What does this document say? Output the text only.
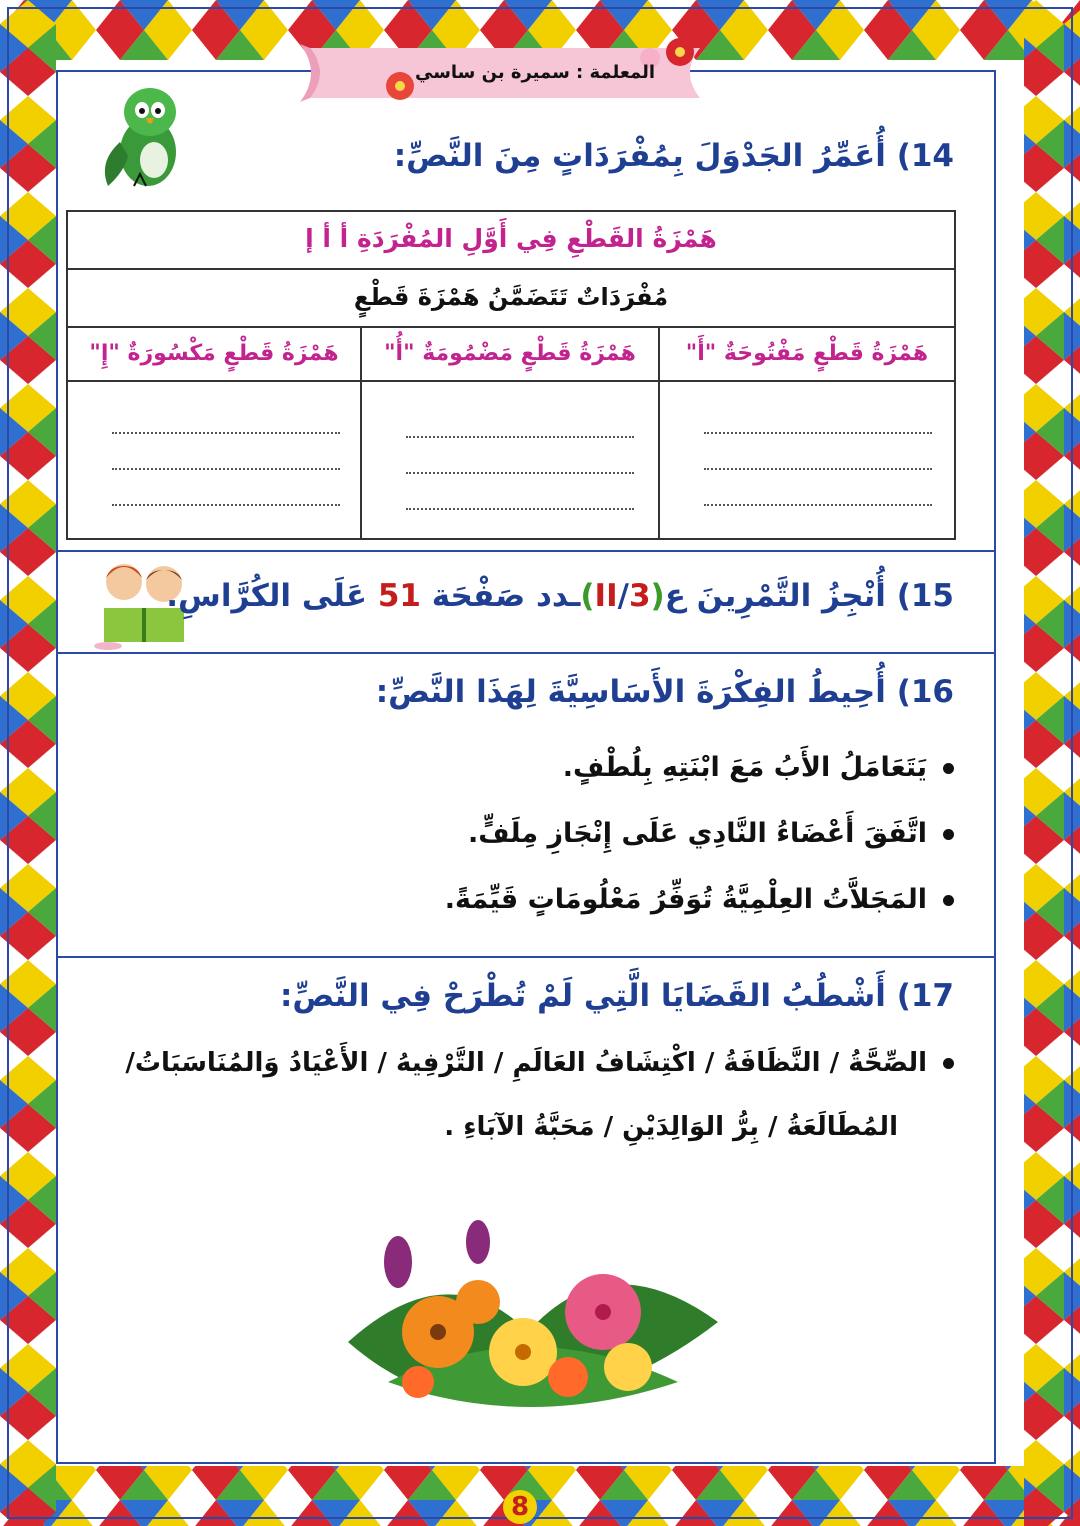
14) أُعَمِّرُ الجَدْوَلَ بِمُفْرَدَاتٍ مِنَ النَّصِّ:
هَمْزَةُ القَطْعِ فِي أَوَّلِ المُفْرَدَةِ أ أ إ
مُفْرَدَاتٌ تَتَضَمَّنُ هَمْزَةَ قَطْعٍ
هَمْزَةُ قَطْعٍ مَفْتُوحَةٌ "أَ"
هَمْزَةُ قَطْعٍ مَضْمُومَةٌ "أُ"
هَمْزَةُ قَطْعٍ مَكْسُورَةٌ "إِ"
15) أُنْجِزُ التَّمْرِينَ ع(3/II)ـدد صَفْحَة 51 عَلَى الكُرَّاسِ.
16) أُحِيطُ الفِكْرَةَ الأَسَاسِيَّةَ لِهَذَا النَّصِّ:
يَتَعَامَلُ الأَبُ مَعَ ابْنَتِهِ بِلُطْفٍ.
اتَّفَقَ أَعْضَاءُ النَّادِي عَلَى إِنْجَازِ مِلَفٍّ.
المَجَلاَّتُ العِلْمِيَّةُ تُوَفِّرُ مَعْلُومَاتٍ قَيِّمَةً.
17) أَشْطُبُ القَضَايَا الَّتِي لَمْ تُطْرَحْ فِي النَّصِّ:
الصِّحَّةُ / النَّظَافَةُ / اكْتِشَافُ العَالَمِ / التَّرْفِيهُ / الأَعْيَادُ وَالمُنَاسَبَاتُ/
المُطَالَعَةُ / بِرُّ الوَالِدَيْنِ / مَحَبَّةُ الآبَاءِ .
المعلمة : سميرة بن ساسي
8
